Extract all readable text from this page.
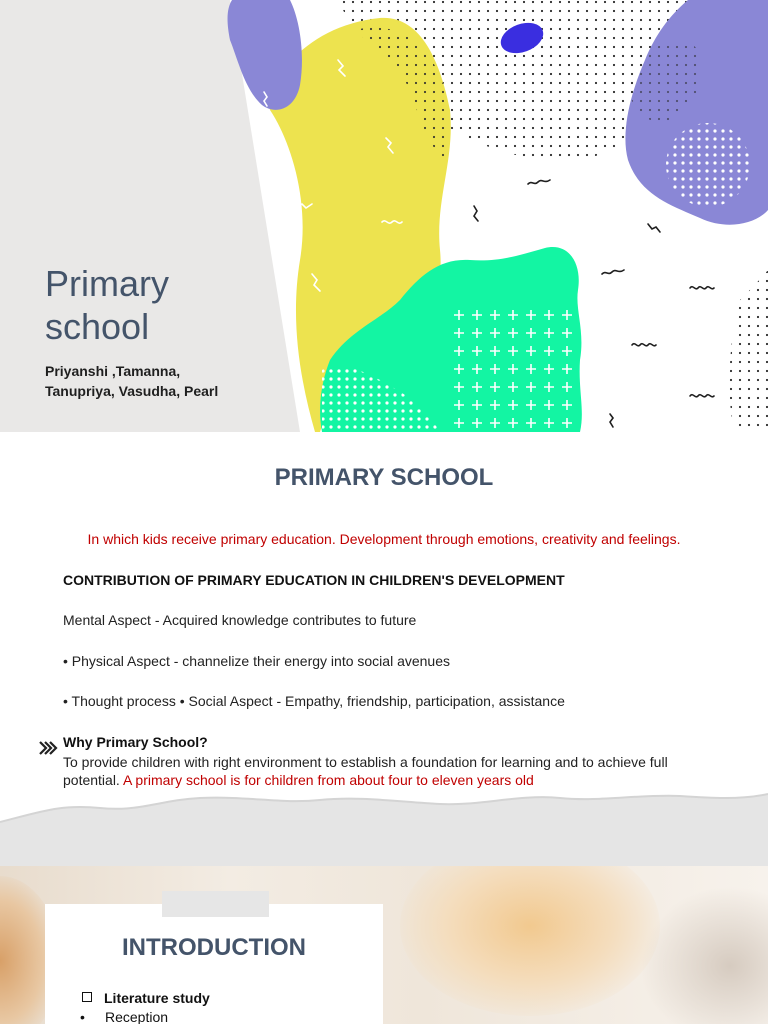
Primary
school
Priyanshi ,Tamanna,
Tanupriya, Vasudha, Pearl
PRIMARY SCHOOL
In which kids receive primary education. Development through emotions, creativity and feelings.
CONTRIBUTION OF PRIMARY EDUCATION IN CHILDREN'S DEVELOPMENT
Mental Aspect - Acquired knowledge contributes to future
• Physical Aspect - channelize their energy into social avenues
• Thought process • Social Aspect - Empathy, friendship, participation, assistance
Why Primary School?
To provide children with right environment to establish a foundation for learning and to achieve full potential. A primary school is for children from about four to eleven years old
INTRODUCTION
Literature study
• Reception
